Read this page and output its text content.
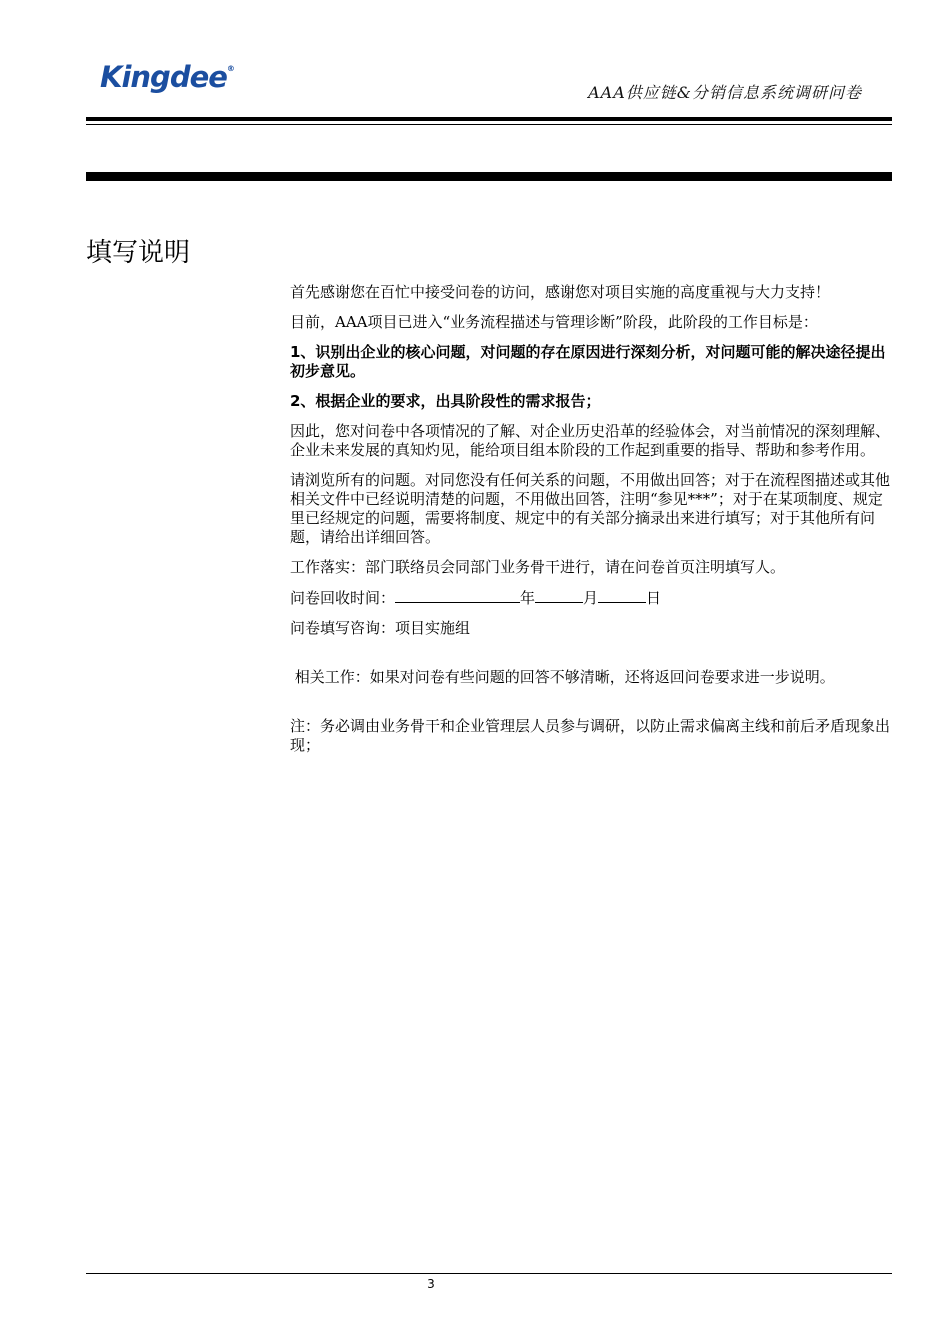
Kingdee®
AAA供应链&分销信息系统调研问卷
填写说明

首先感谢您在百忙中接受问卷的访问，感谢您对项目实施的高度重视与大力支持！

目前，AAA项目已进入“业务流程描述与管理诊断”阶段，此阶段的工作目标是：

1、识别出企业的核心问题，对问题的存在原因进行深刻分析，对问题可能的解决途径提出初步意见。

2、根据企业的要求，出具阶段性的需求报告；

因此，您对问卷中各项情况的了解、对企业历史沿革的经验体会，对当前情况的深刻理解、企业未来发展的真知灼见，能给项目组本阶段的工作起到重要的指导、帮助和参考作用。

请浏览所有的问题。对同您没有任何关系的问题，不用做出回答；对于在流程图描述或其他相关文件中已经说明清楚的问题，不用做出回答，注明“参见***”；对于在某项制度、规定里已经规定的问题，需要将制度、规定中的有关部分摘录出来进行填写；对于其他所有问题，请给出详细回答。

工作落实：部门联络员会同部门业务骨干进行，请在问卷首页注明填写人。

问卷回收时间：	年	月	日

问卷填写咨询：项目实施组

相关工作：如果对问卷有些问题的回答不够清晰，还将返回问卷要求进一步说明。

注：务必调由业务骨干和企业管理层人员参与调研，以防止需求偏离主线和前后矛盾现象出现；

3
